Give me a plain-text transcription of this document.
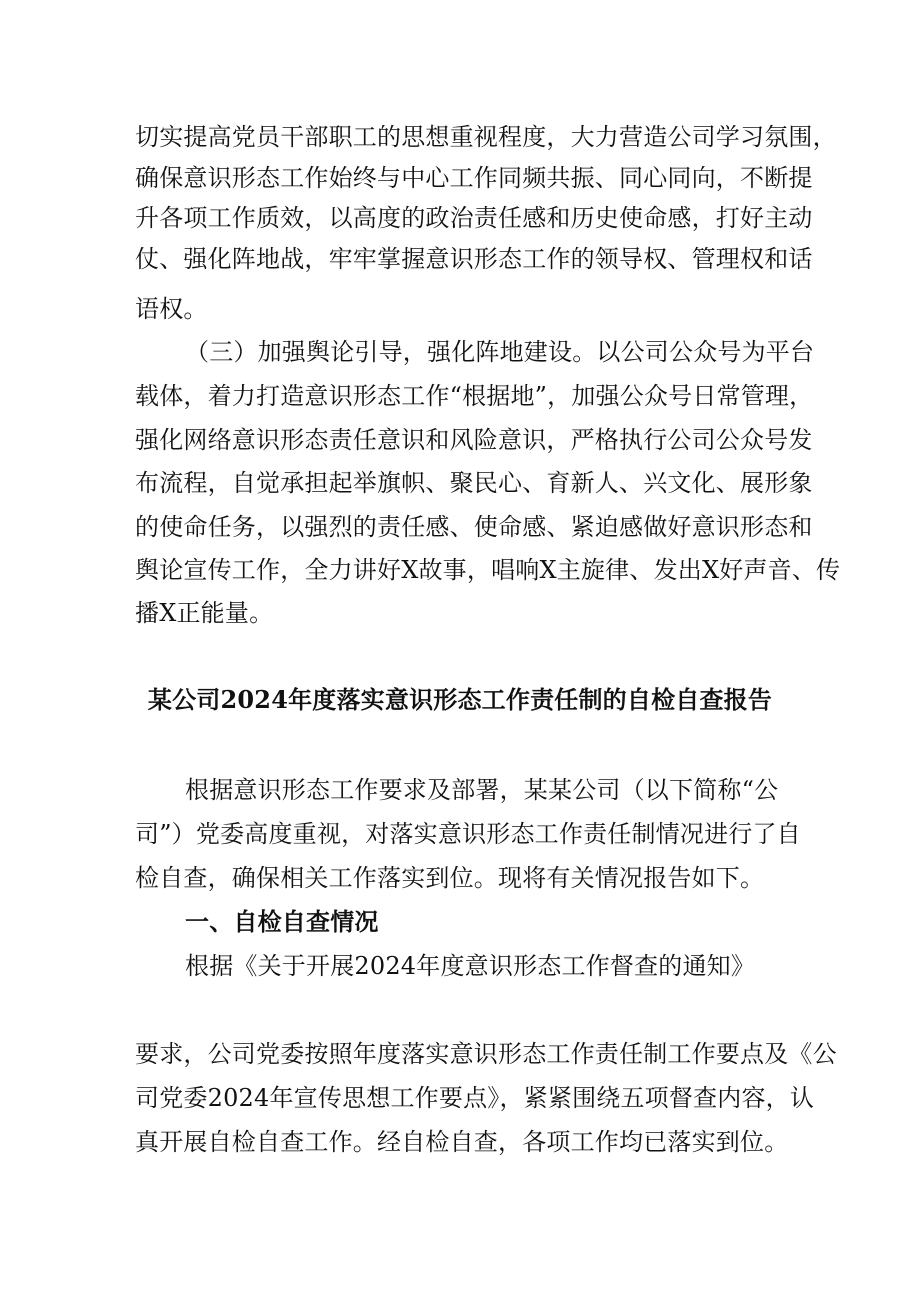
切实提高党员干部职工的思想重视程度，大力营造公司学习氛围，
确保意识形态工作始终与中心工作同频共振、同心同向，不断提
升各项工作质效，以高度的政治责任感和历史使命感，打好主动
仗、强化阵地战，牢牢掌握意识形态工作的领导权、管理权和话
语权。
（三）加强舆论引导，强化阵地建设。以公司公众号为平台
载体，着力打造意识形态工作“根据地”，加强公众号日常管理，
强化网络意识形态责任意识和风险意识，严格执行公司公众号发
布流程，自觉承担起举旗帜、聚民心、育新人、兴文化、展形象
的使命任务，以强烈的责任感、使命感、紧迫感做好意识形态和
舆论宣传工作，全力讲好X故事，唱响X主旋律、发出X好声音、传
播X正能量。
某公司2024年度落实意识形态工作责任制的自检自查报告
根据意识形态工作要求及部署，某某公司（以下简称“公
司”）党委高度重视，对落实意识形态工作责任制情况进行了自
检自查，确保相关工作落实到位。现将有关情况报告如下。
一、自检自查情况
根据《关于开展2024年度意识形态工作督查的通知》
要求，公司党委按照年度落实意识形态工作责任制工作要点及《公
司党委2024年宣传思想工作要点》，紧紧围绕五项督查内容，认
真开展自检自查工作。经自检自查，各项工作均已落实到位。
